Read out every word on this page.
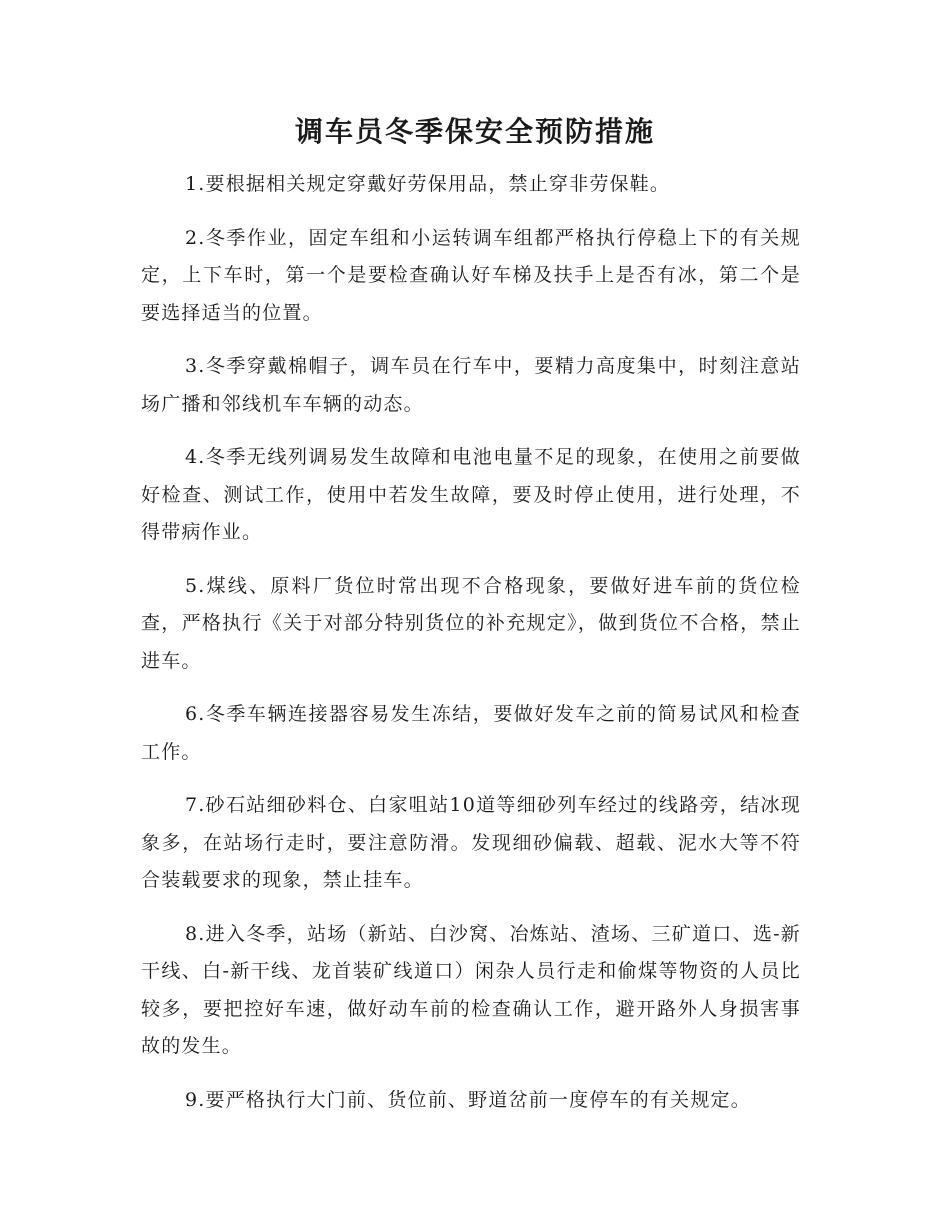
调车员冬季保安全预防措施

1.要根据相关规定穿戴好劳保用品，禁止穿非劳保鞋。

2.冬季作业，固定车组和小运转调车组都严格执行停稳上下的有关规定，上下车时，第一个是要检查确认好车梯及扶手上是否有冰，第二个是要选择适当的位置。

3.冬季穿戴棉帽子，调车员在行车中，要精力高度集中，时刻注意站场广播和邻线机车车辆的动态。

4.冬季无线列调易发生故障和电池电量不足的现象，在使用之前要做好检查、测试工作，使用中若发生故障，要及时停止使用，进行处理，不得带病作业。

5.煤线、原料厂货位时常出现不合格现象，要做好进车前的货位检查，严格执行《关于对部分特别货位的补充规定》，做到货位不合格，禁止进车。

6.冬季车辆连接器容易发生冻结，要做好发车之前的简易试风和检查工作。

7.砂石站细砂料仓、白家咀站10道等细砂列车经过的线路旁，结冰现象多，在站场行走时，要注意防滑。发现细砂偏载、超载、泥水大等不符合装载要求的现象，禁止挂车。

8.进入冬季，站场（新站、白沙窝、冶炼站、渣场、三矿道口、选-新干线、白-新干线、龙首装矿线道口）闲杂人员行走和偷煤等物资的人员比较多，要把控好车速，做好动车前的检查确认工作，避开路外人身损害事故的发生。

9.要严格执行大门前、货位前、野道岔前一度停车的有关规定。
